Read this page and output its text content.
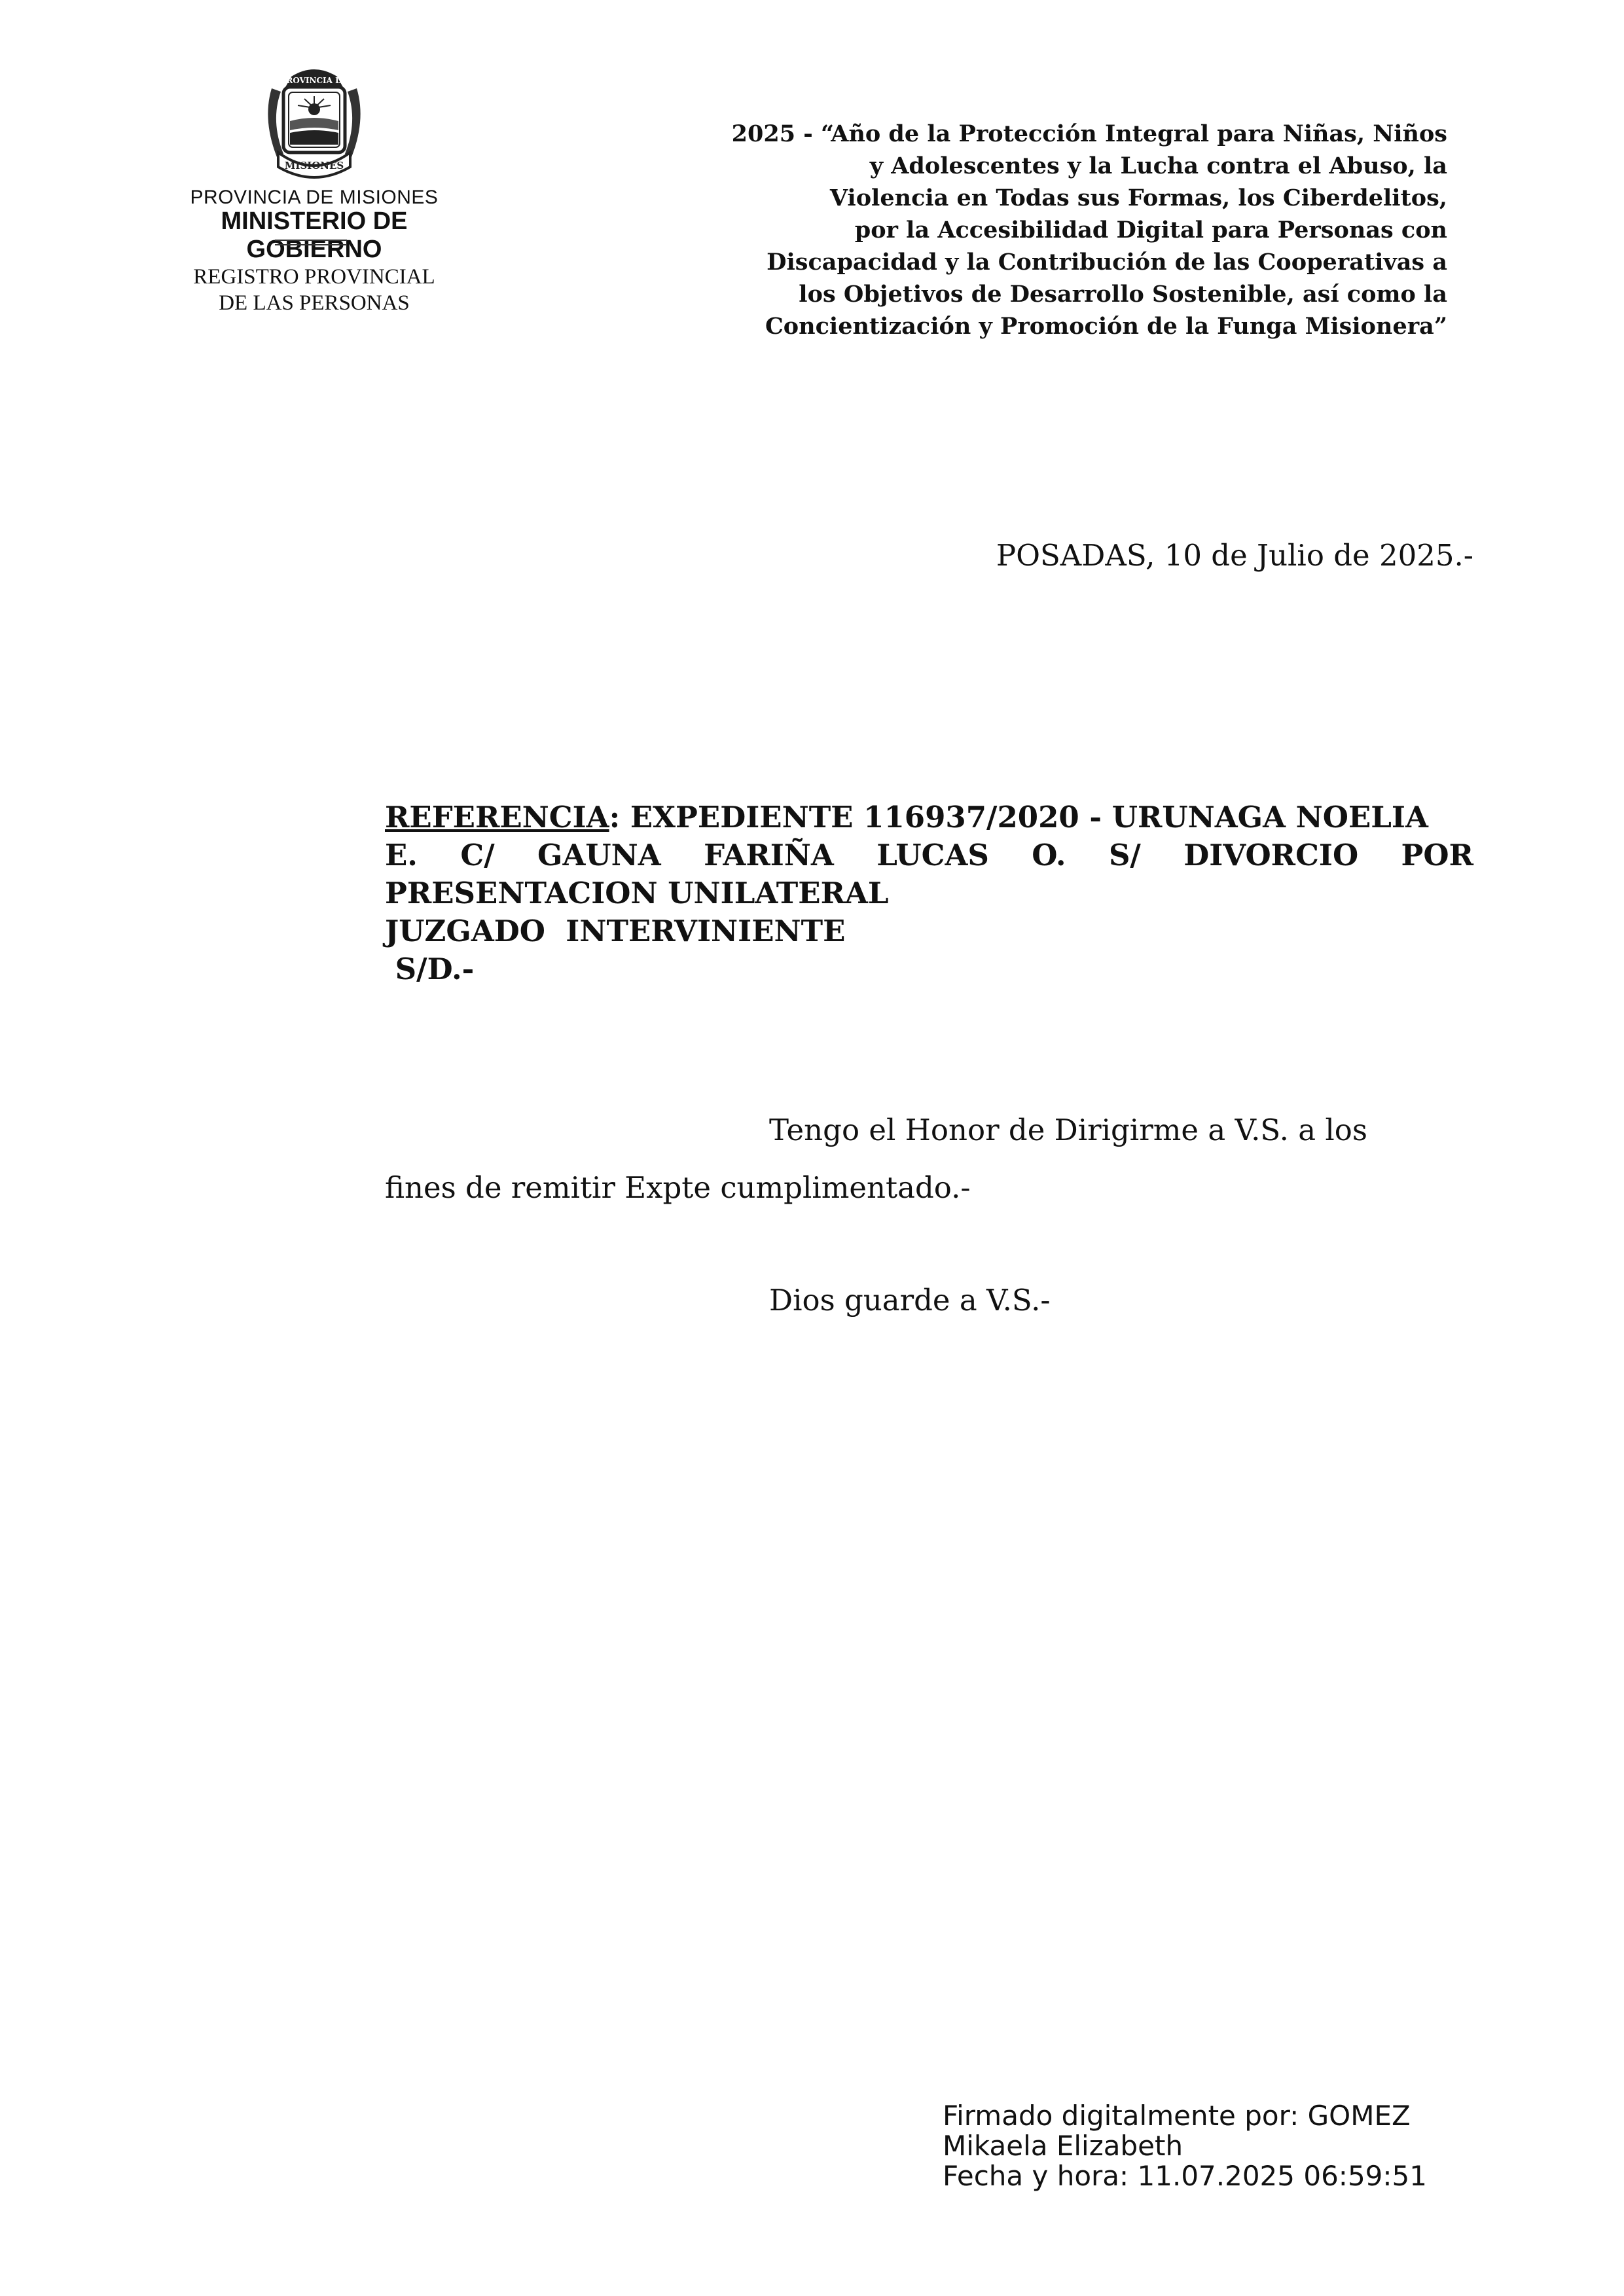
PROVINCIA DE
MISIONES
PROVINCIA DE MISIONES
MINISTERIO DE GOBIERNO
REGISTRO PROVINCIAL
DE LAS PERSONAS
2025 - “Año de la Protección Integral para Niñas, Niños
y Adolescentes y la Lucha contra el Abuso, la
Violencia en Todas sus Formas, los Ciberdelitos,
por la Accesibilidad Digital para Personas con
Discapacidad y la Contribución de las Cooperativas a
los Objetivos de Desarrollo Sostenible, así como la
Concientización y Promoción de la Funga Misionera”
POSADAS, 10 de Julio de 2025.-
REFERENCIA: EXPEDIENTE 116937/2020 - URUNAGA NOELIA
E. C/ GAUNA FARIÑA LUCAS O. S/ DIVORCIO POR
PRESENTACION UNILATERAL
JUZGADO  INTERVINIENTE
S/D.-
Tengo el Honor de Dirigirme a V.S. a los
fines de remitir Expte cumplimentado.-
Dios guarde a V.S.-
Firmado digitalmente por: GOMEZ
Mikaela Elizabeth
Fecha y hora: 11.07.2025 06:59:51
